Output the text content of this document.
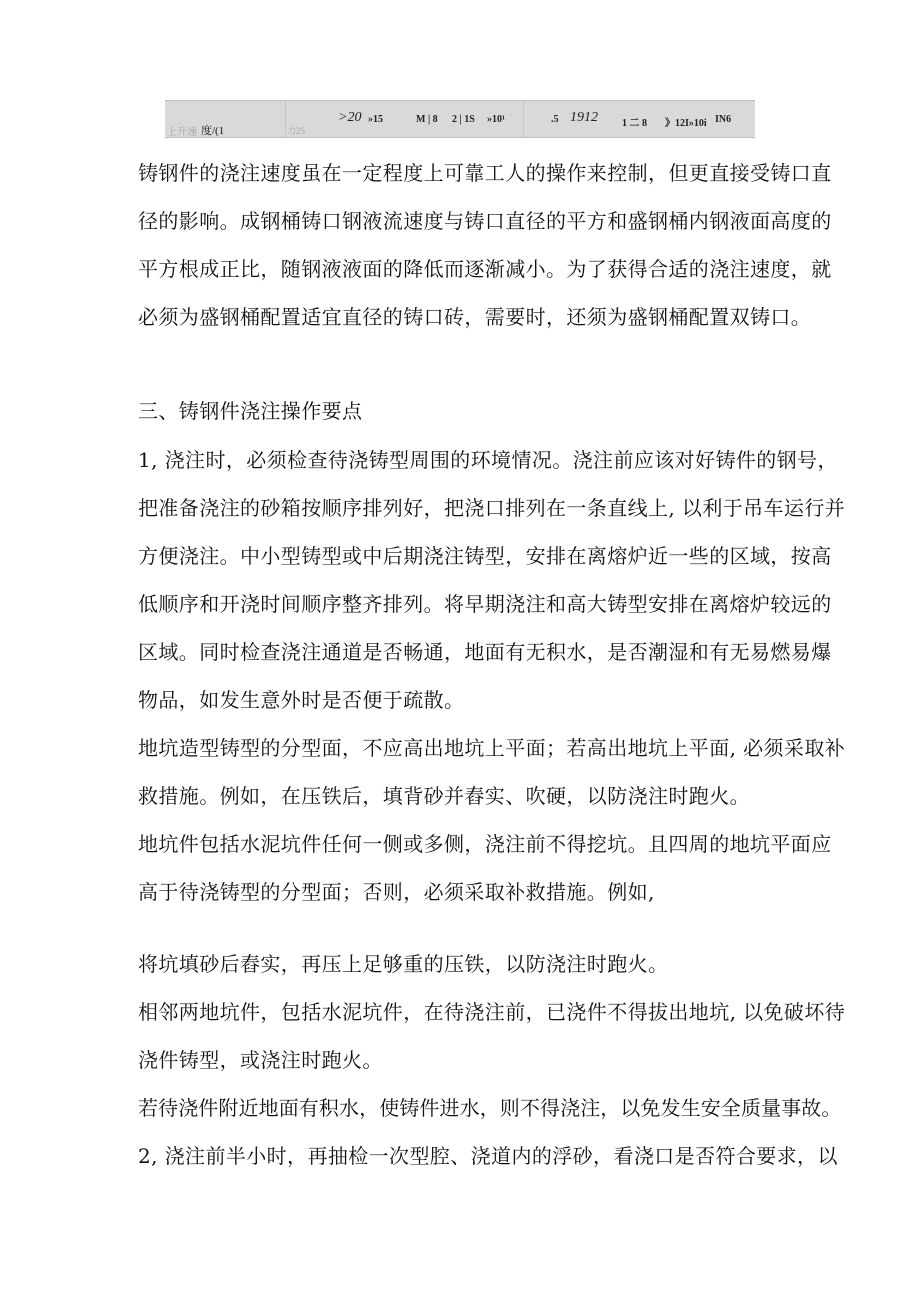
上升速 度/(1	力25
>20 »15	M | 8 2 | 1S »10¹	.5 1912 1 二 8 》12I»10i IN6
铸钢件的浇注速度虽在一定程度上可靠工人的操作来控制，但更直接受铸口直
径的影响。成钢桶铸口钢液流速度与铸口直径的平方和盛钢桶内钢液面高度的
平方根成正比，随钢液液面的降低而逐渐减小。为了获得合适的浇注速度，就
必须为盛钢桶配置适宜直径的铸口砖，需要时，还须为盛钢桶配置双铸口。
三、铸钢件浇注操作要点
1, 浇注时，必须检查待浇铸型周围的环境情况。浇注前应该对好铸件的钢号，
把准备浇注的砂箱按顺序排列好，把浇口排列在一条直线上, 以利于吊车运行并
方便浇注。中小型铸型或中后期浇注铸型，安排在离熔炉近一些的区域，按高
低顺序和开浇时间顺序整齐排列。将早期浇注和高大铸型安排在离熔炉较远的
区域。同时检查浇注通道是否畅通，地面有无积水，是否潮湿和有无易燃易爆
物品，如发生意外时是否便于疏散。
地坑造型铸型的分型面，不应高出地坑上平面；若高出地坑上平面, 必须采取补
救措施。例如，在压铁后，填背砂并舂实、吹硬，以防浇注时跑火。
地坑件包括水泥坑件任何一侧或多侧，浇注前不得挖坑。且四周的地坑平面应
高于待浇铸型的分型面；否则，必须采取补救措施。例如,
将坑填砂后舂实，再压上足够重的压铁，以防浇注时跑火。
相邻两地坑件，包括水泥坑件，在待浇注前，已浇件不得拔出地坑, 以免破坏待
浇件铸型，或浇注时跑火。
若待浇件附近地面有积水，使铸件进水，则不得浇注，以免发生安全质量事故。
2, 浇注前半小时，再抽检一次型腔、浇道内的浮砂，看浇口是否符合要求，以
